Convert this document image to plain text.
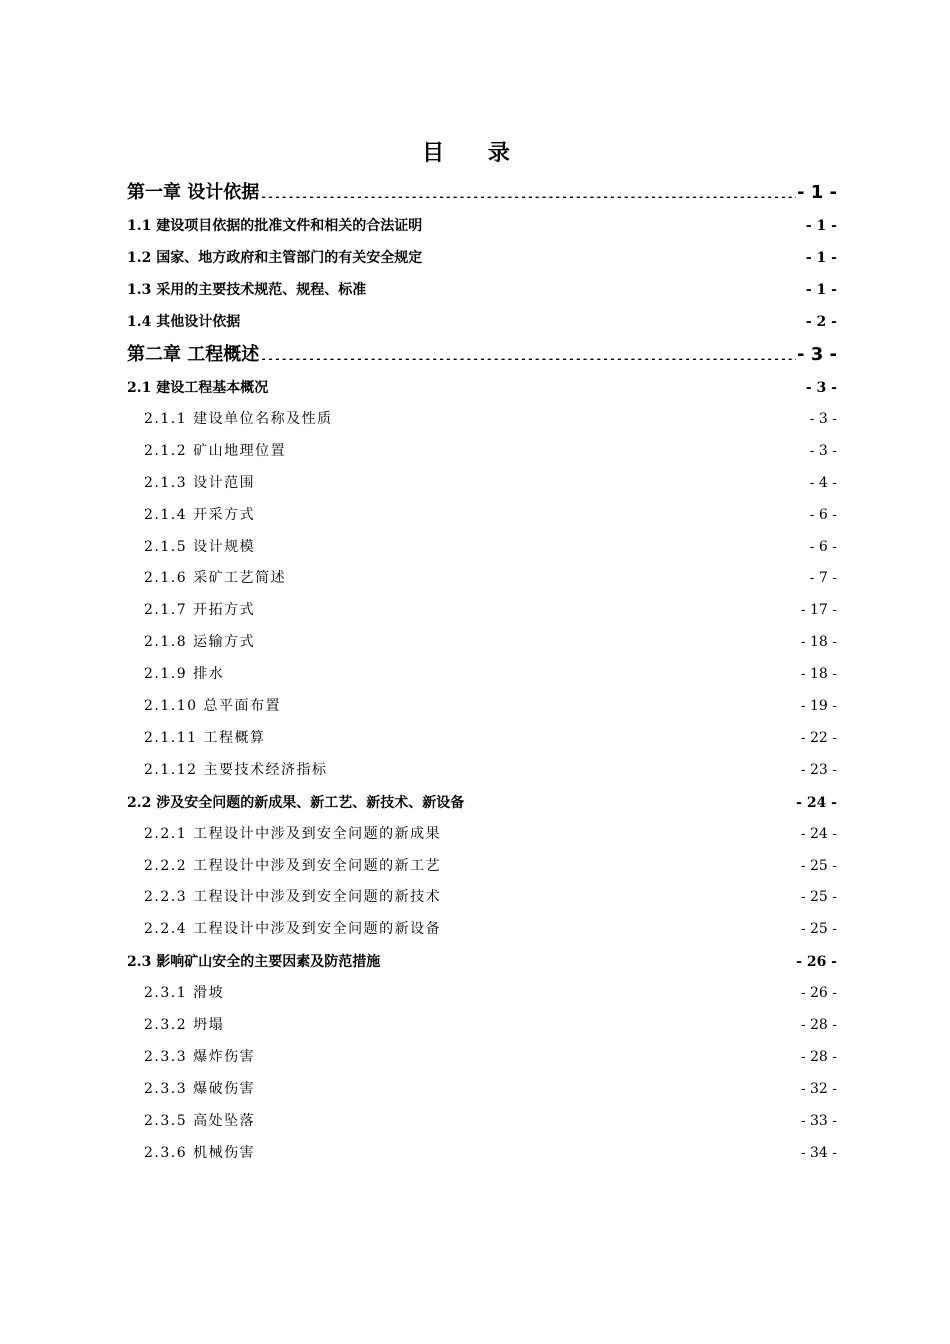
目 录
第一章 设计依据 .....	- 1 -
1.1 建设项目依据的批准文件和相关的合法证明 .....	- 1 -
1.2 国家、地方政府和主管部门的有关安全规定 .....	- 1 -
1.3 采用的主要技术规范、规程、标准 .....	- 1 -
1.4 其他设计依据 .....	- 2 -
第二章 工程概述 .....	- 3 -
2.1 建设工程基本概况 .....	- 3 -
2.1.1 建设单位名称及性质 .....	- 3 -
2.1.2 矿山地理位置 .....	- 3 -
2.1.3 设计范围 .....	- 4 -
2.1.4 开采方式 .....	- 6 -
2.1.5 设计规模 .....	- 6 -
2.1.6 采矿工艺简述 .....	- 7 -
2.1.7 开拓方式 .....	- 17 -
2.1.8 运输方式 .....	- 18 -
2.1.9 排水 .....	- 18 -
2.1.10 总平面布置 .....	- 19 -
2.1.11 工程概算 .....	- 22 -
2.1.12 主要技术经济指标 .....	- 23 -
2.2 涉及安全问题的新成果、新工艺、新技术、新设备 .....	- 24 -
2.2.1 工程设计中涉及到安全问题的新成果 .....	- 24 -
2.2.2 工程设计中涉及到安全问题的新工艺 .....	- 25 -
2.2.3 工程设计中涉及到安全问题的新技术 .....	- 25 -
2.2.4 工程设计中涉及到安全问题的新设备 .....	- 25 -
2.3 影响矿山安全的主要因素及防范措施 .....	- 26 -
2.3.1 滑坡 .....	- 26 -
2.3.2 坍塌 .....	- 28 -
2.3.3 爆炸伤害 .....	- 28 -
2.3.3 爆破伤害 .....	- 32 -
2.3.5 高处坠落 .....	- 33 -
2.3.6 机械伤害 .....	- 34 -
